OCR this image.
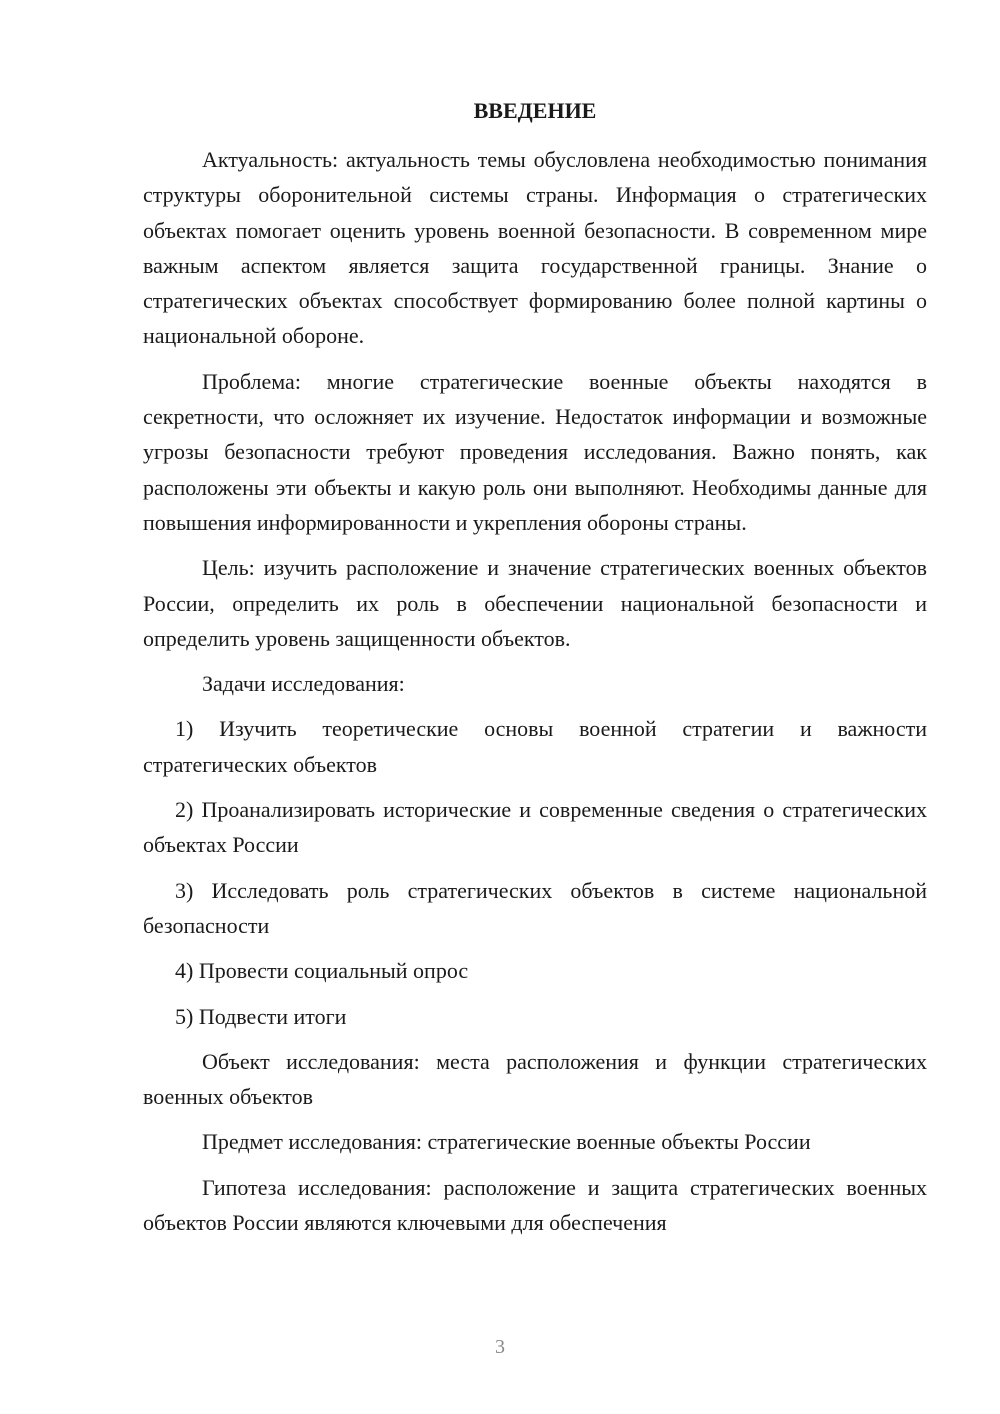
ВВЕДЕНИЕ

Актуальность: актуальность темы обусловлена необходимостью понимания структуры оборонительной системы страны. Информация о стратегических объектах помогает оценить уровень военной безопасности. В современном мире важным аспектом является защита государственной границы. Знание о стратегических объектах способствует формированию более полной картины о национальной обороне.

Проблема: многие стратегические военные объекты находятся в секретности, что осложняет их изучение. Недостаток информации и возможные угрозы безопасности требуют проведения исследования. Важно понять, как расположены эти объекты и какую роль они выполняют. Необходимы данные для повышения информированности и укрепления обороны страны.

Цель: изучить расположение и значение стратегических военных объектов России, определить их роль в обеспечении национальной безопасности и определить уровень защищенности объектов.

Задачи исследования:

1) Изучить теоретические основы военной стратегии и важности стратегических объектов

2) Проанализировать исторические и современные сведения о стратегических объектах России

3) Исследовать роль стратегических объектов в системе национальной безопасности

4) Провести социальный опрос

5) Подвести итоги

Объект исследования: места расположения и функции стратегических военных объектов

Предмет исследования: стратегические военные объекты России

Гипотеза исследования: расположение и защита стратегических военных объектов России являются ключевыми для обеспечения

3
